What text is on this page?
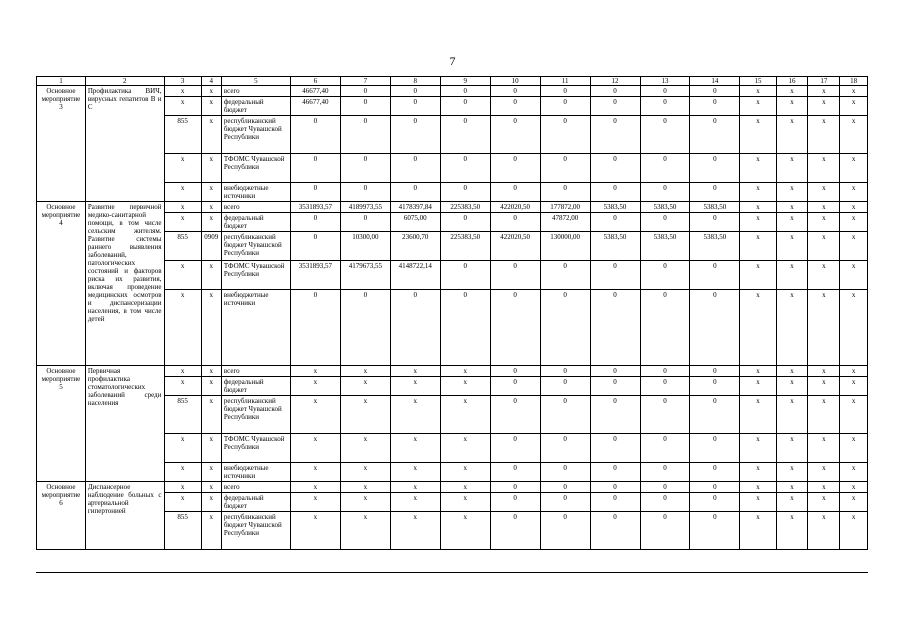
7
1	2	3	4	5	6	7	8	9	10	11	12	13	14	15	16	17	18
Основное мероприятие 3	Профилактика ВИЧ, вирусных гепатитов B и C	x	x	всего	46677,40	0	0	0	0	0	0	0	0	x	x	x	x
		x	x	федеральный бюджет	46677,40	0	0	0	0	0	0	0	0	x	x	x	x
		855	x	республиканский бюджет Чувашской Республики	0	0	0	0	0	0	0	0	0	x	x	x	x
		x	x	ТФОМС Чувашской Республики	0	0	0	0	0	0	0	0	0	x	x	x	x
		x	x	внебюджетные источники	0	0	0	0	0	0	0	0	0	x	x	x	x
Основное мероприятие 4	Развитие первичной медико-санитарной помощи, в том числе сельским жителям. Развитие системы раннего выявления заболеваний, патологических состояний и факторов риска их развития, включая проведение медицинских осмотров и диспансеризации населения, в том числе детей	x	x	всего	3531893,57	4189973,55	4178397,84	225383,50	422020,50	177872,00	5383,50	5383,50	5383,50	x	x	x	x
		x	x	федеральный бюджет	0	0	6075,00	0	0	47872,00	0	0	0	x	x	x	x
		855	0909	республиканский бюджет Чувашской Республики	0	10300,00	23600,70	225383,50	422020,50	130000,00	5383,50	5383,50	5383,50	x	x	x	x
		x	x	ТФОМС Чувашской Республики	3531893,57	4179673,55	4148722,14	0	0	0	0	0	0	x	x	x	x
		x	x	внебюджетные источники	0	0	0	0	0	0	0	0	0	x	x	x	x
Основное мероприятие 5	Первичная профилактика стоматологических заболеваний среди населения	x	x	всего	x	x	x	x	0	0	0	0	0	x	x	x	x
		x	x	федеральный бюджет	x	x	x	x	0	0	0	0	0	x	x	x	x
		855	x	республиканский бюджет Чувашской Республики	x	x	x	x	0	0	0	0	0	x	x	x	x
		x	x	ТФОМС Чувашской Республики	x	x	x	x	0	0	0	0	0	x	x	x	x
		x	x	внебюджетные источники	x	x	x	x	0	0	0	0	0	x	x	x	x
Основное мероприятие 6	Диспансерное наблюдение больных с артериальной гипертонией	x	x	всего	x	x	x	x	0	0	0	0	0	x	x	x	x
		x	x	федеральный бюджет	x	x	x	x	0	0	0	0	0	x	x	x	x
		855	x	республиканский бюджет Чувашской Республики	x	x	x	x	0	0	0	0	0	x	x	x	x
